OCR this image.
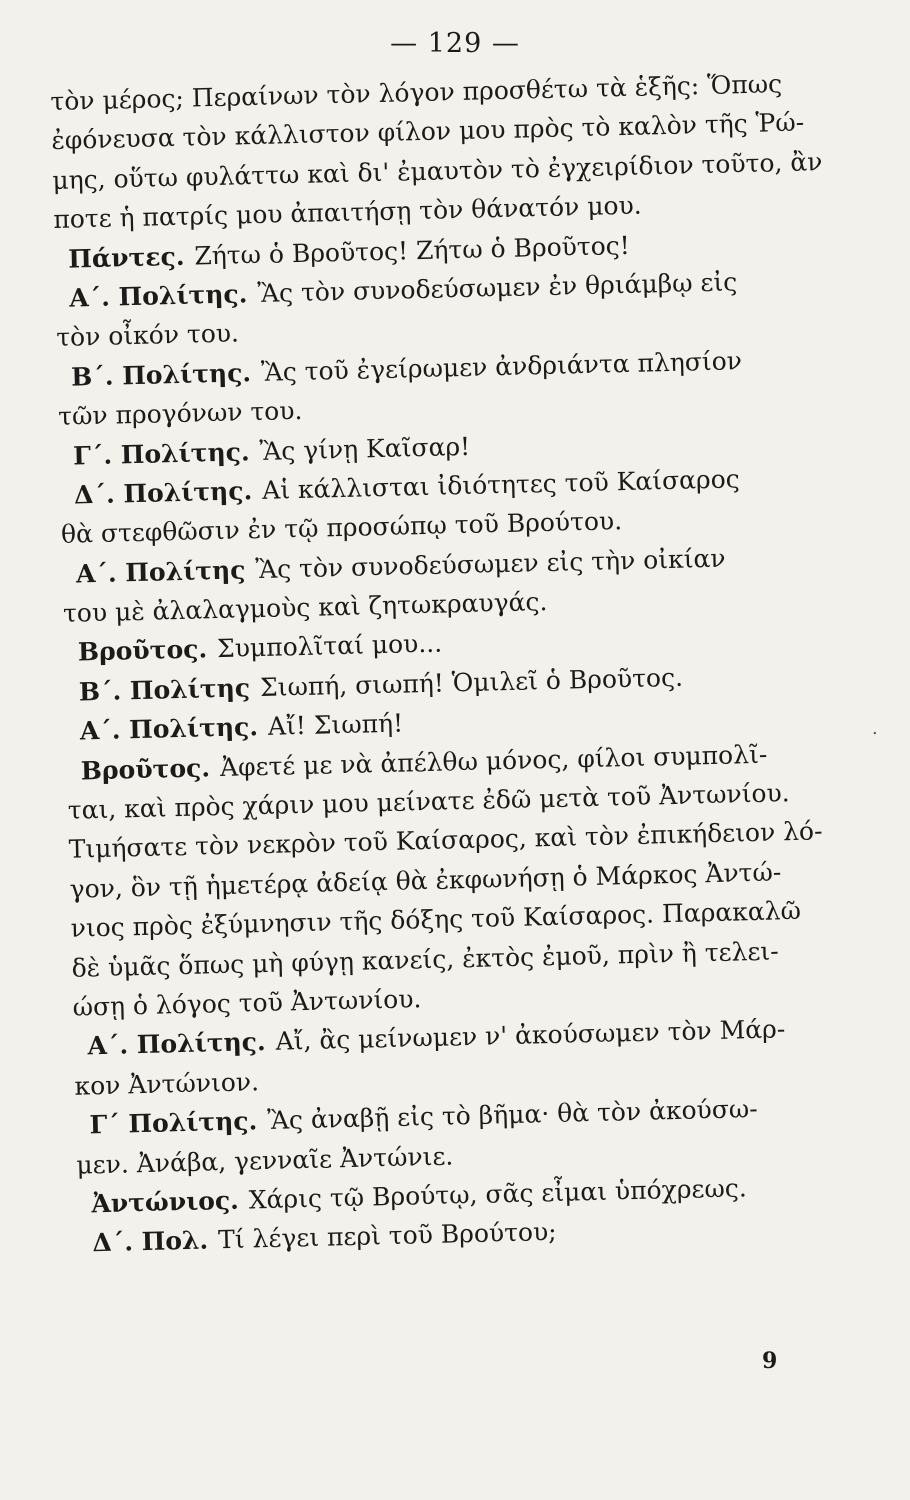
— 129 —
τὸν μέρος; Περαίνων τὸν λόγον προσθέτω τὰ ἑξῆς: Ὅπως
ἐφόνευσα τὸν κάλλιστον φίλον μου πρὸς τὸ καλὸν τῆς Ῥώ-
μης, οὕτω φυλάττω καὶ δι' ἐμαυτὸν τὸ ἐγχειρίδιον τοῦτο, ἂν
ποτε ἡ πατρίς μου ἀπαιτήσῃ τὸν θάνατόν μου.
Πάντες. Ζήτω ὁ Βροῦτος! Ζήτω ὁ Βροῦτος!
Α΄. Πολίτης. Ἂς τὸν συνοδεύσωμεν ἐν θριάμβῳ εἰς
τὸν οἶκόν του.
Β΄. Πολίτης. Ἂς τοῦ ἐγείρωμεν ἀνδριάντα πλησίον
τῶν προγόνων του.
Γ΄. Πολίτης. Ἂς γίνῃ Καῖσαρ!
Δ΄. Πολίτης. Αἱ κάλλισται ἰδιότητες τοῦ Καίσαρος
θὰ στεφθῶσιν ἐν τῷ προσώπῳ τοῦ Βρούτου.
Α΄. Πολίτης Ἂς τὸν συνοδεύσωμεν εἰς τὴν οἰκίαν
του μὲ ἀλαλαγμοὺς καὶ ζητωκραυγάς.
Βροῦτος. Συμπολῖταί μου...
Β΄. Πολίτης Σιωπή, σιωπή! Ὁμιλεῖ ὁ Βροῦτος.
Α΄. Πολίτης. Αἴ! Σιωπή!
Βροῦτος. Ἀφετέ με νὰ ἀπέλθω μόνος, φίλοι συμπολῖ-
ται, καὶ πρὸς χάριν μου μείνατε ἐδῶ μετὰ τοῦ Ἀντωνίου.
Τιμήσατε τὸν νεκρὸν τοῦ Καίσαρος, καὶ τὸν ἐπικήδειον λό-
γον, ὃν τῇ ἡμετέρᾳ ἀδείᾳ θὰ ἐκφωνήσῃ ὁ Μάρκος Ἀντώ-
νιος πρὸς ἐξύμνησιν τῆς δόξης τοῦ Καίσαρος. Παρακαλῶ
δὲ ὑμᾶς ὅπως μὴ φύγῃ κανείς, ἐκτὸς ἐμοῦ, πρὶν ἢ τελει-
ώσῃ ὁ λόγος τοῦ Ἀντωνίου.
Α΄. Πολίτης. Αἴ, ἂς μείνωμεν ν' ἀκούσωμεν τὸν Μάρ-
κον Ἀντώνιον.
Γ΄ Πολίτης. Ἂς ἀναβῇ εἰς τὸ βῆμα· θὰ τὸν ἀκούσω-
μεν. Ἀνάβα, γενναῖε Ἀντώνιε.
Ἀντώνιος. Χάρις τῷ Βρούτῳ, σᾶς εἶμαι ὑπόχρεως.
Δ΄. Πολ. Τί λέγει περὶ τοῦ Βρούτου;
.
9
